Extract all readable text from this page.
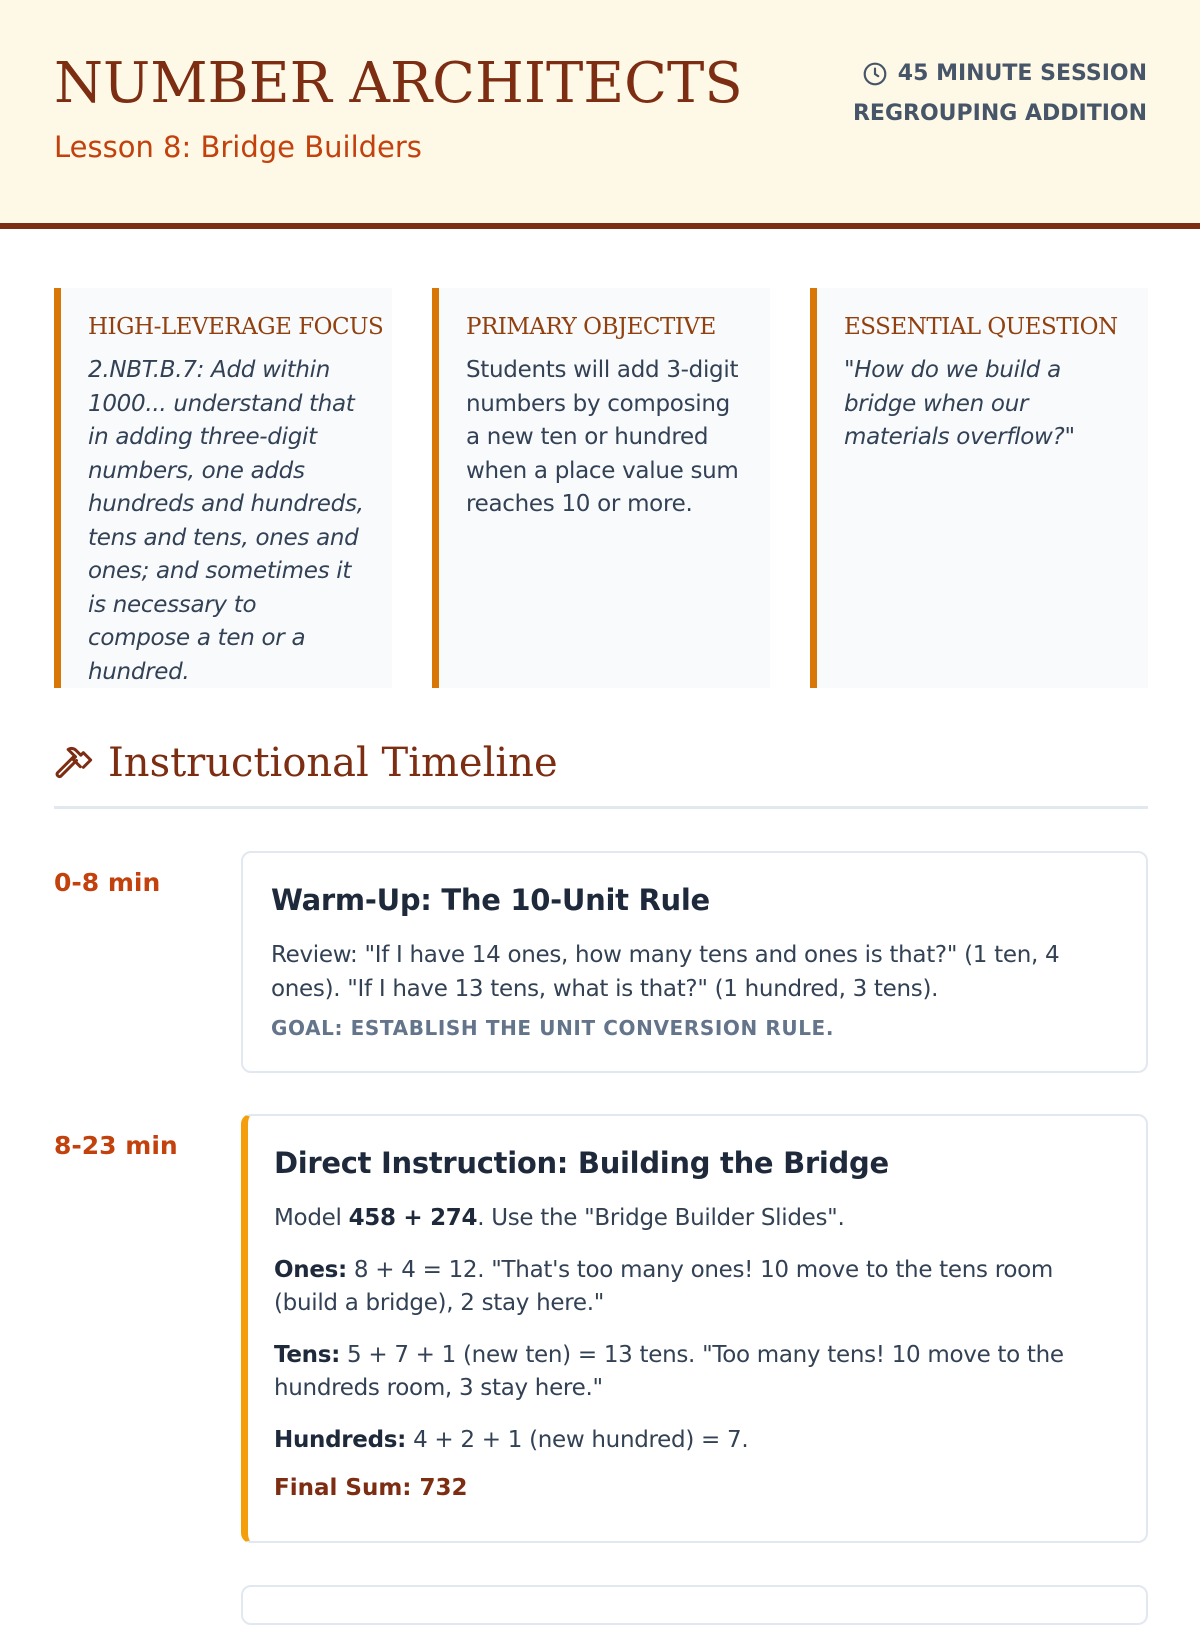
NUMBER ARCHITECTS
Lesson 8: Bridge Builders
45 MINUTE SESSION
REGROUPING ADDITION
HIGH-LEVERAGE FOCUS
2.NBT.B.7: Add within 1000... understand that in adding three-digit numbers, one adds hundreds and hundreds, tens and tens, ones and ones; and sometimes it is necessary to compose a ten or a hundred.
PRIMARY OBJECTIVE
Students will add 3-digit numbers by composing a new ten or hundred when a place value sum reaches 10 or more.
ESSENTIAL QUESTION
"How do we build a bridge when our materials overflow?"
Instructional Timeline
0-8 min
Warm-Up: The 10-Unit Rule

Review: "If I have 14 ones, how many tens and ones is that?" (1 ten, 4 ones). "If I have 13 tens, what is that?" (1 hundred, 3 tens).

GOAL: ESTABLISH THE UNIT CONVERSION RULE.
8-23 min
Direct Instruction: Building the Bridge

Model 458 + 274. Use the "Bridge Builder Slides".

Ones: 8 + 4 = 12. "That's too many ones! 10 move to the tens room (build a bridge), 2 stay here."

Tens: 5 + 7 + 1 (new ten) = 13 tens. "Too many tens! 10 move to the hundreds room, 3 stay here."

Hundreds: 4 + 2 + 1 (new hundred) = 7.

Final Sum: 732
